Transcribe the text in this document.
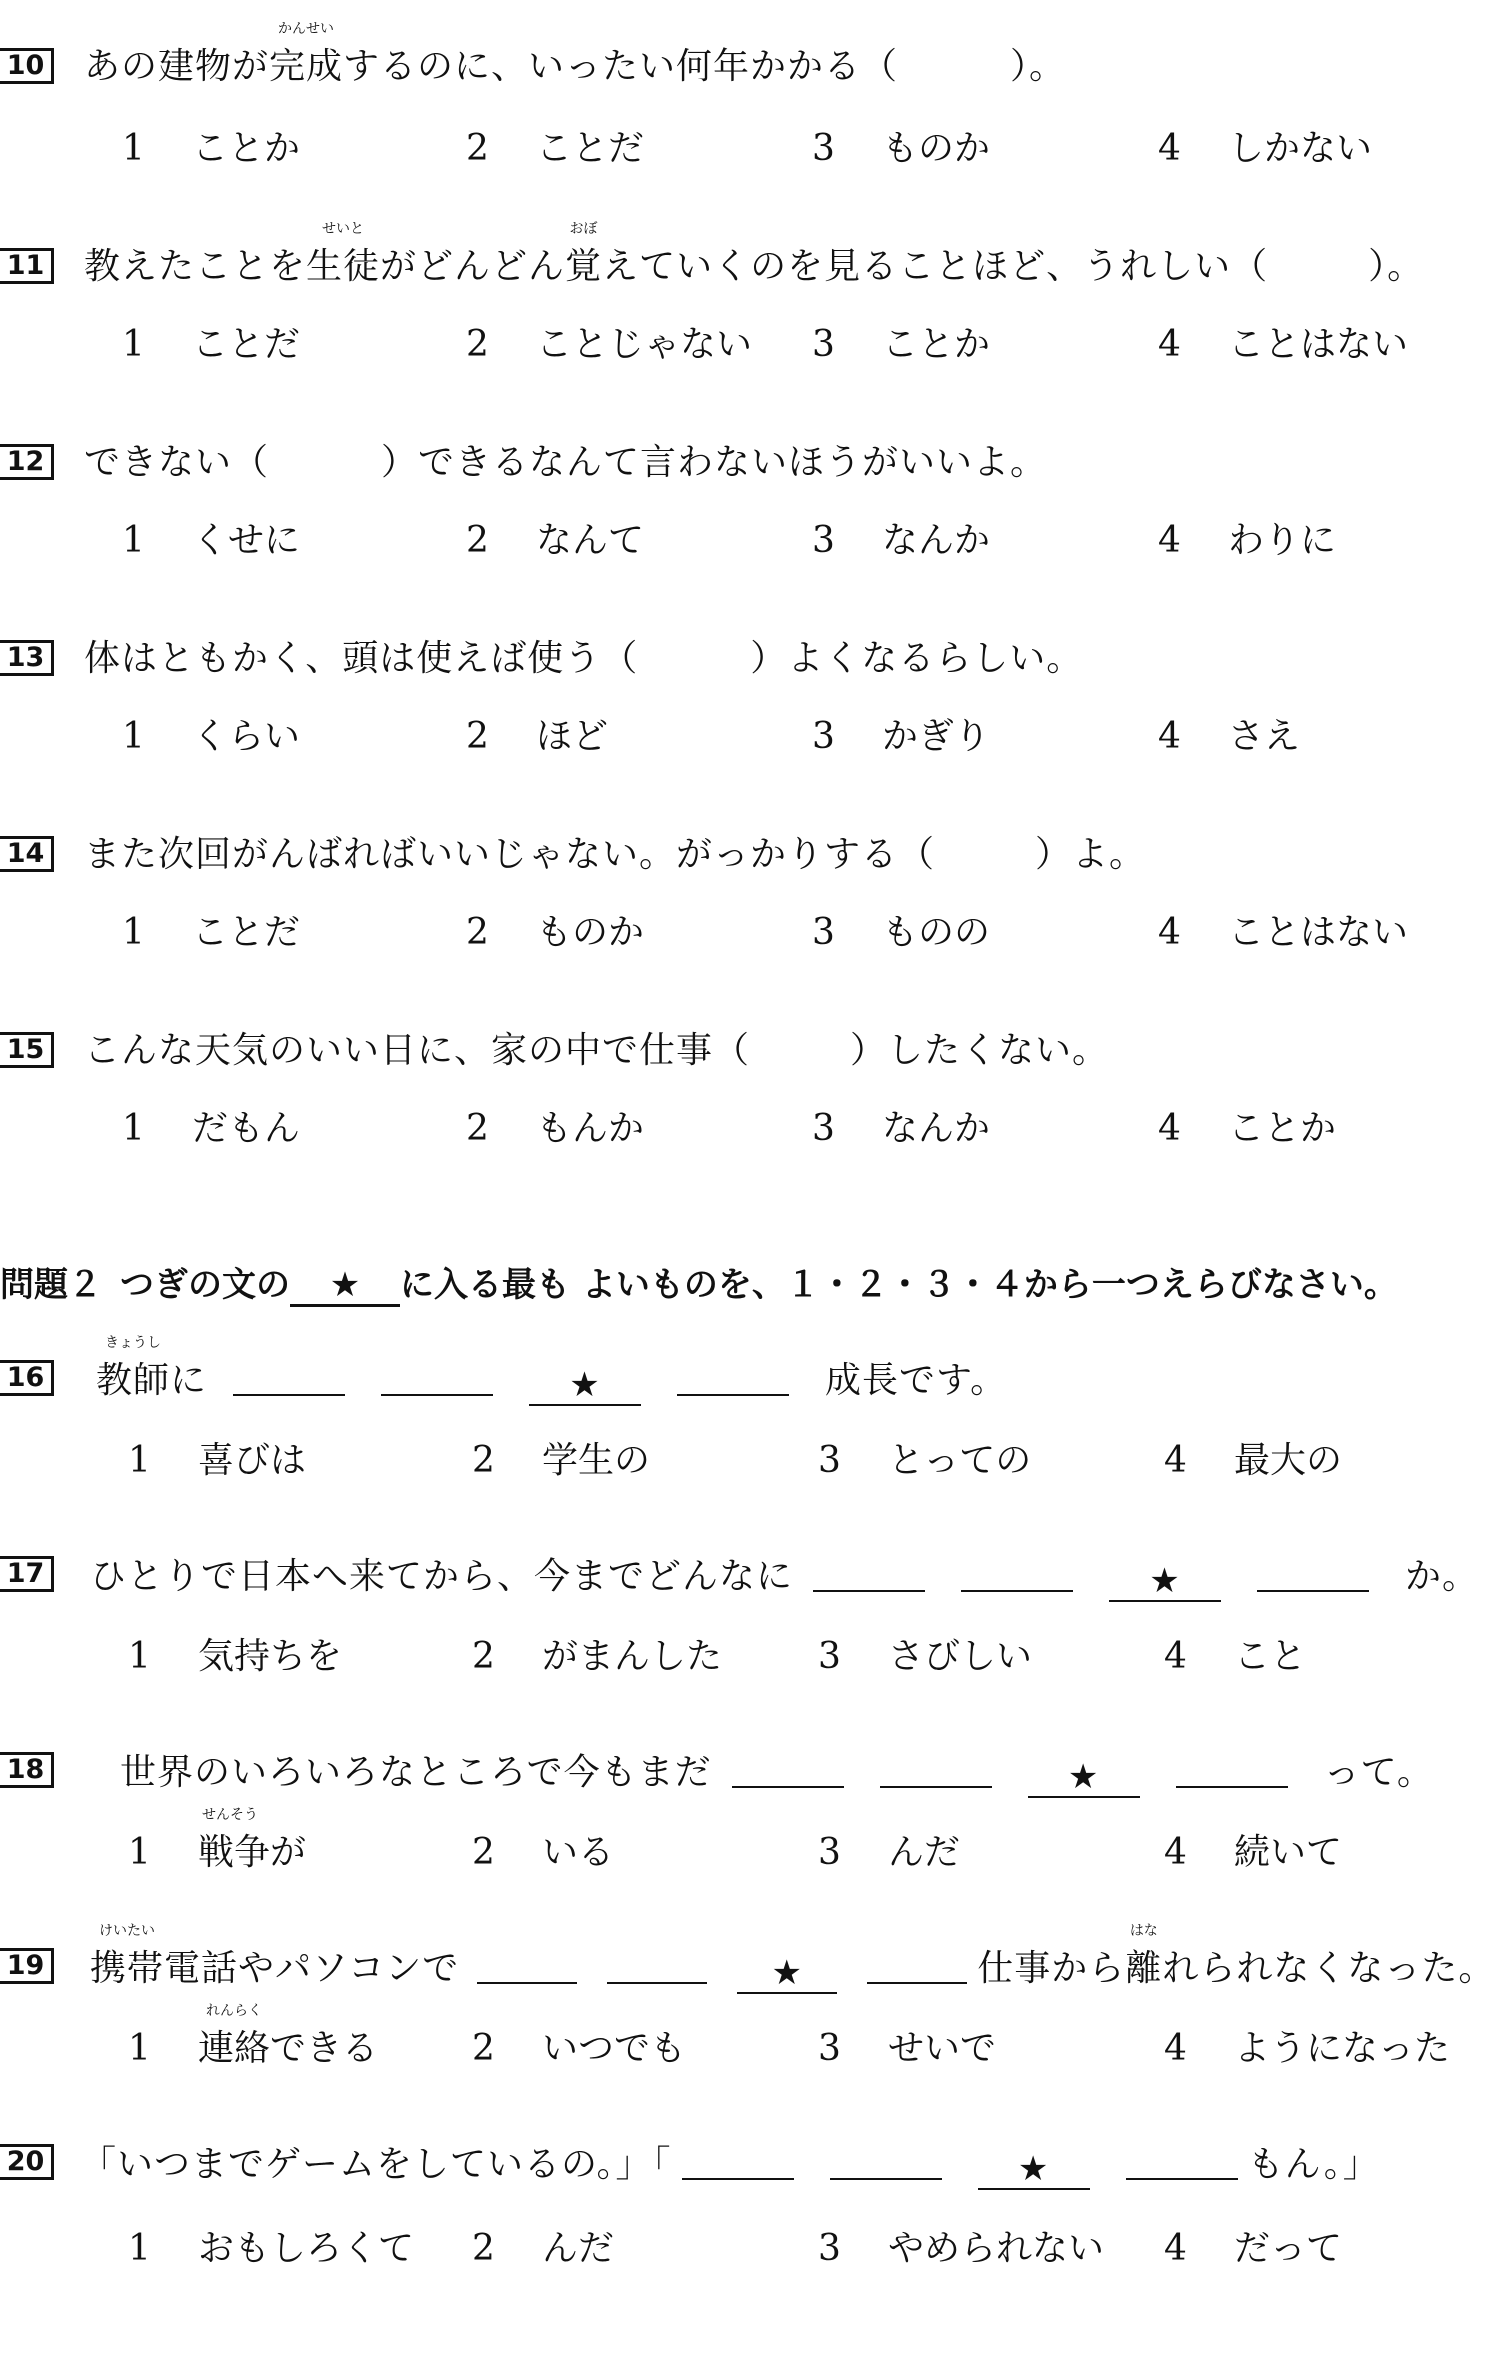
10 あの建物が
かんせい
完成するのに、いったい何年かかる（	）。
1 ことか	2 ことだ	3 ものか	4 しかない
11 教えたことを
せいと
生徒がどんどん
おぼ
覚えていくのを見ることほど、うれしい（	）。
1 ことだ	2 ことじゃない 3 ことか	4 ことはない
12 できない（	）できるなんて言わないほうがいいよ。
1 くせに	2 なんて	3 なんか	4 わりに
13 体はともかく、頭は使えば使う（	）よくなるらしい。
1 くらい	2 ほど	3 かぎり	4 さえ
14 また次回がんばればいいじゃない。がっかりする（	）よ。
1 ことだ	2 ものか	3 ものの	4 ことはない
15 こんな天気のいい日に、家の中で仕事（	）したくない。
1 だもん	2 もんか	3 なんか	4 ことか
問題２ つぎの文の ★ に入る最も よいものを、１・２・３・４から一つえらびなさい。
16
きょうし
教師に	★	成長です。
1 喜びは	2 学生の	3 とっての	4 最大の
17 ひとりで日本へ来てから、今までどんなに	★	か。
1 気持ちを	2 がまんした	3 さびしい	4 こと
18 世界のいろいろなところで今もまだ	★	って。
1
せんそう
戦争が	2 いる	3 んだ	4 続いて
19
けいたい
携帯電話やパソコンで	★	仕事から
はな
離れられなくなった。
1
れんらく
連絡できる	2 いつでも	3 せいで	4 ようになった
20 「いつまでゲームをしているの。」「	★	もん。」
1 おもしろくて 2 んだ	3 やめられない 4 だって
